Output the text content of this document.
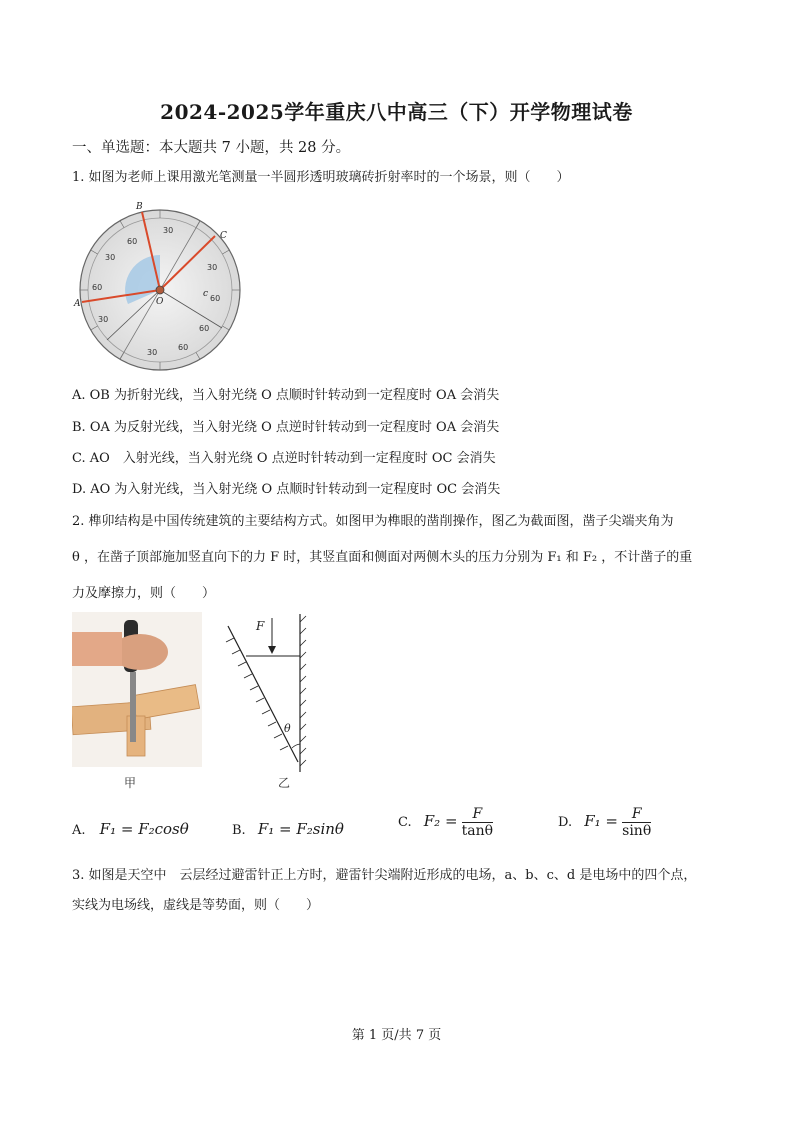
2024-2025学年重庆八中高三（下）开学物理试卷
一、单选题：本大题共 7 小题，共 28 分。
1. 如图为老师上课用激光笔测量一半圆形透明玻璃砖折射率时的一个场景，则（　　）
30
60
60
30
60
30
30
60
60
30
B
C
A	O
c
A. OB 为折射光线，当入射光绕 O 点顺时针转动到一定程度时 OA 会消失
B. OA 为反射光线，当入射光绕 O 点逆时针转动到一定程度时 OA 会消失
C. AO　入射光线，当入射光绕 O 点逆时针转动到一定程度时 OC 会消失
D. AO 为入射光线，当入射光绕 O 点顺时针转动到一定程度时 OC 会消失
2. 榫卯结构是中国传统建筑的主要结构方式。如图甲为榫眼的凿削操作，图乙为截面图，凿子尖端夹角为
θ ，在凿子顶部施加竖直向下的力 F 时，其竖直面和侧面对两侧木头的压力分别为 F₁ 和 F₂ ，不计凿子的重
力及摩擦力，则（　　）
甲
F
θ
乙
A. F₁ = F₂cosθ	B. F₁ = F₂sinθ	C. $F_2 = \frac{F}{\tan\theta}$	D. $F_1 = \frac{F}{\sin\theta}$
3. 如图是天空中　云层经过避雷针正上方时，避雷针尖端附近形成的电场，a、b、c、d 是电场中的四个点，
实线为电场线，虚线是等势面，则（　　）
第 1 页/共 7 页
